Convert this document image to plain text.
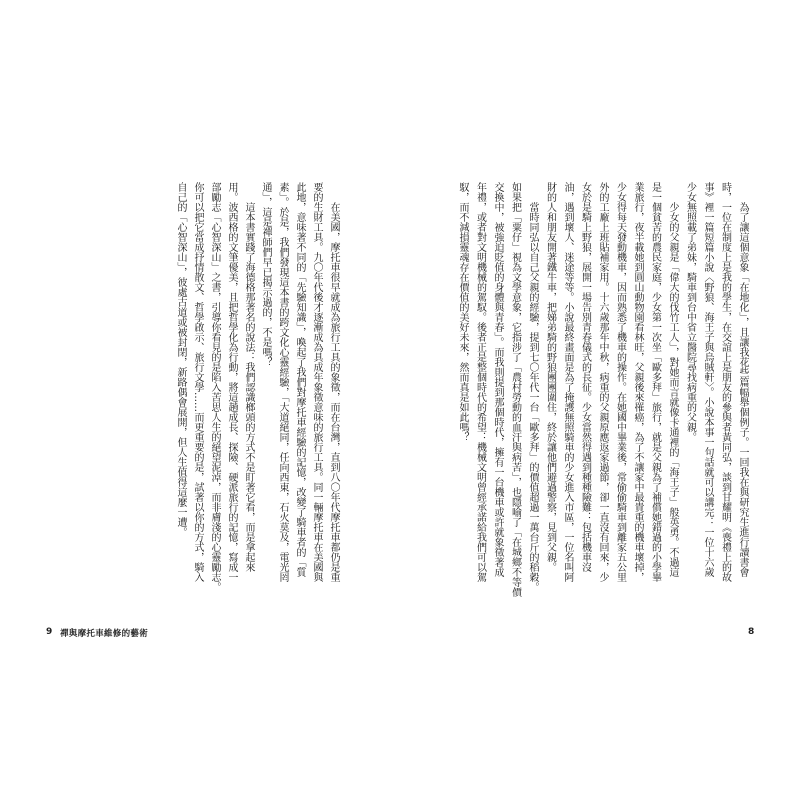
在美國，摩托車很早就成為旅行工具的象徵，而在台灣，直到八〇年代摩托車都仍是重
要的生財工具。九〇年代後才逐漸成為具成年象徵意味的旅行工具。同一輛摩托車在美國與
此地，意味著不同的「先驗知識」，喚起了我們對摩托車經驗的記憶，改變了騎車者的「質
素」。於是，我們發現這本書的跨文化心靈經驗，「大道絕同，任向西東，石火莫及，電光罔
通」，這是禪師們早已揭示過的，不是嗎？
這本書實踐了海德格那著名的說法：我們認識榔頭的方式不是盯著它看，而是拿起來
用。波西格的文筆優美，且把哲學化為行動，將這趟成長、探險、硬派旅行的記憶，寫成一
部勵志「心智深山」之書，引導你看見的是陷入苦思人生的絕望泥淖，而非膚淺的心靈勵志。
你可以把它當成抒情散文、哲學啟示、旅行文學……而更重要的是，試著以你的方式，騎入
自己的「心智深山」，彼處古道或被封閉，新路偶會展開，但人生值得這麼一遭。
9 禪與摩托車維修的藝術
為了讓這個意象「在地化」，且讓我花些篇幅舉個例子。一回我在與研究生進行讀書會
時，一位在制度上是我的學生，在交誼上是朋友的參與者黃同弘，談到甘耀明《喪禮上的故
事》裡一篇短篇小說〈野狼、海王子與烏賊軒〉。小說本事一句話就可以講完：一位十六歲
少女無照載了弟妹，騎車到台中省立醫院尋找病重的父親。
少女的父親是「偉大的伐竹工人」，對她而言就像卡通裡的「海王子」般英勇。不過這
是一個貧苦的農民家庭，少女第一次坐「歐多拜」旅行，就是父親為了補償她錯過的小學畢
業旅行，夜半載她到圓山動物園看林旺，父親後來罹癌，為了不讓家中最貴重的機車壞掉，
少女得每天發動機車，因而熟悉了機車的操作。在她國中畢業後，常偷偷騎車到離家五公里
外的工廠上班貼補家用。十六歲那年中秋，病重的父親原應返家過節，卻一直沒有回來，少
女於是騎上野狼，展開一場告別青春儀式的長征。少女當然得遇到種種險難：包括機車沒
油，遇到壞人、迷途等等。小說最終畫面是為了掩護無照騎車的少女進入市區，一位名叫阿
財的人和朋友開著鐵牛車，把娣弟騎的野狼團團圍住，終於讓他們避過警察，見到父親。
當時同弘以自己父親的經驗，提到七〇年代一台「歐多拜」的價值超過一萬台斤的稻穀。
如果把「粟仔」視為文學意象，它指涉了「農村勞動的血汗與病苦」，也隱喻了「在城鄉不等價
交換中，被強迫貶值的身體與青春」。而我則提到那個時代，擁有一台機車或許就象徵著成
年禮，或者對文明機械的駕馭。後者正是整個時代的希望：機械文明曾經承諾給我們可以駕
馭，而不減損靈魂存在價值的美好未來，然而真是如此嗎？
8
